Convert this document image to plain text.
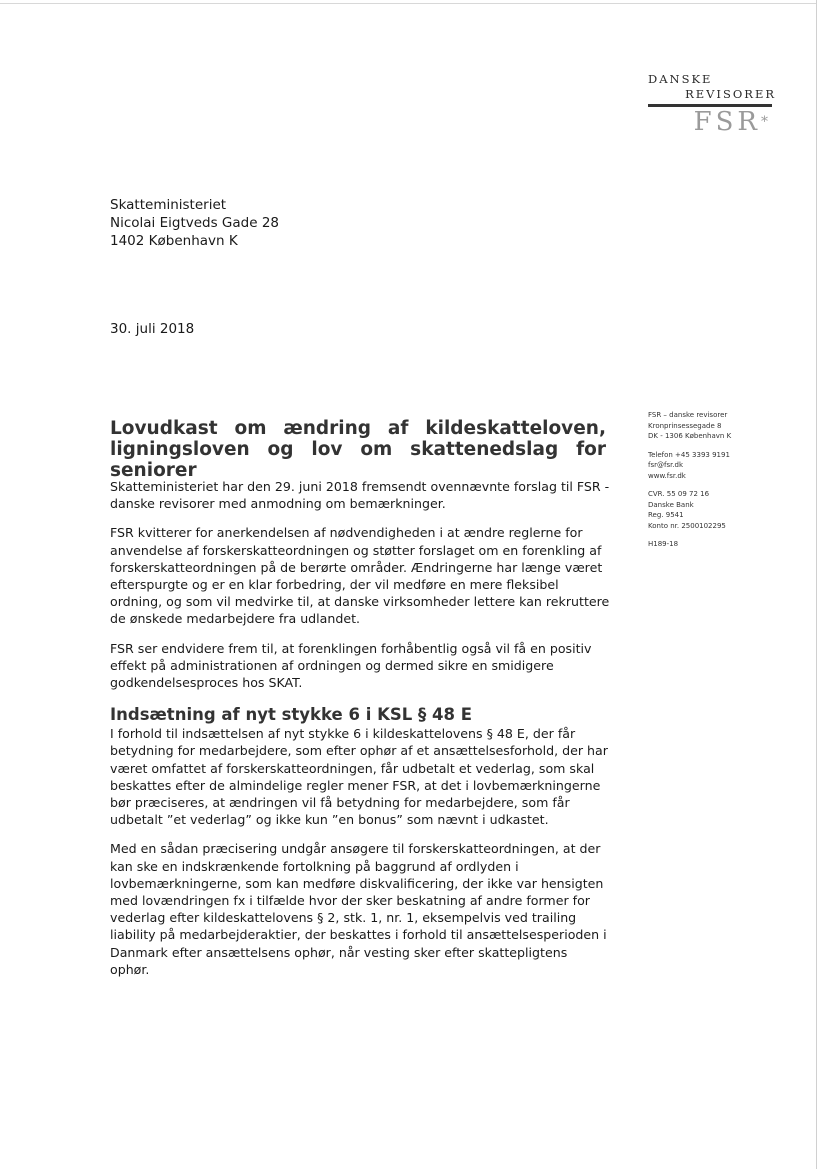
DANSKE
REVISORER
FSR*
Skatteministeriet
Nicolai Eigtveds Gade 28
1402 København K
30. juli 2018
FSR – danske revisorer
Kronprinsessegade 8
DK - 1306 København K
Telefon +45 3393 9191
fsr@fsr.dk
www.fsr.dk
CVR. 55 09 72 16
Danske Bank
Reg. 9541
Konto nr. 2500102295
H189-18
Lovudkast om ændring af kildeskatteloven,
ligningsloven og lov om skattenedslag for seniorer

Skatteministeriet har den 29. juni 2018 fremsendt ovennævnte forslag til FSR - danske revisorer med anmodning om bemærkninger.

FSR kvitterer for anerkendelsen af nødvendigheden i at ændre reglerne for anvendelse af forskerskatteordningen og støtter forslaget om en forenkling af forskerskatteordningen på de berørte områder. Ændringerne har længe været efterspurgte og er en klar forbedring, der vil medføre en mere fleksibel ordning, og som vil medvirke til, at danske virksomheder lettere kan rekruttere de ønskede medarbejdere fra udlandet.

FSR ser endvidere frem til, at forenklingen forhåbentlig også vil få en positiv effekt på administrationen af ordningen og dermed sikre en smidigere godkendelsesproces hos SKAT.

Indsætning af nyt stykke 6 i KSL § 48 E

I forhold til indsættelsen af nyt stykke 6 i kildeskattelovens § 48 E, der får betydning for medarbejdere, som efter ophør af et ansættelsesforhold, der har været omfattet af forskerskatteordningen, får udbetalt et vederlag, som skal beskattes efter de almindelige regler mener FSR, at det i lovbemærkningerne bør præciseres, at ændringen vil få betydning for medarbejdere, som får udbetalt ”et vederlag” og ikke kun ”en bonus” som nævnt i udkastet.

Med en sådan præcisering undgår ansøgere til forskerskatteordningen, at der kan ske en indskrænkende fortolkning på baggrund af ordlyden i lovbemærkningerne, som kan medføre diskvalificering, der ikke var hensigten med lovændringen fx i tilfælde hvor der sker beskatning af andre former for vederlag efter kildeskattelovens § 2, stk. 1, nr. 1, eksempelvis ved trailing liability på medarbejderaktier, der beskattes i forhold til ansættelsesperioden i Danmark efter ansættelsens ophør, når vesting sker efter skattepligtens ophør.
